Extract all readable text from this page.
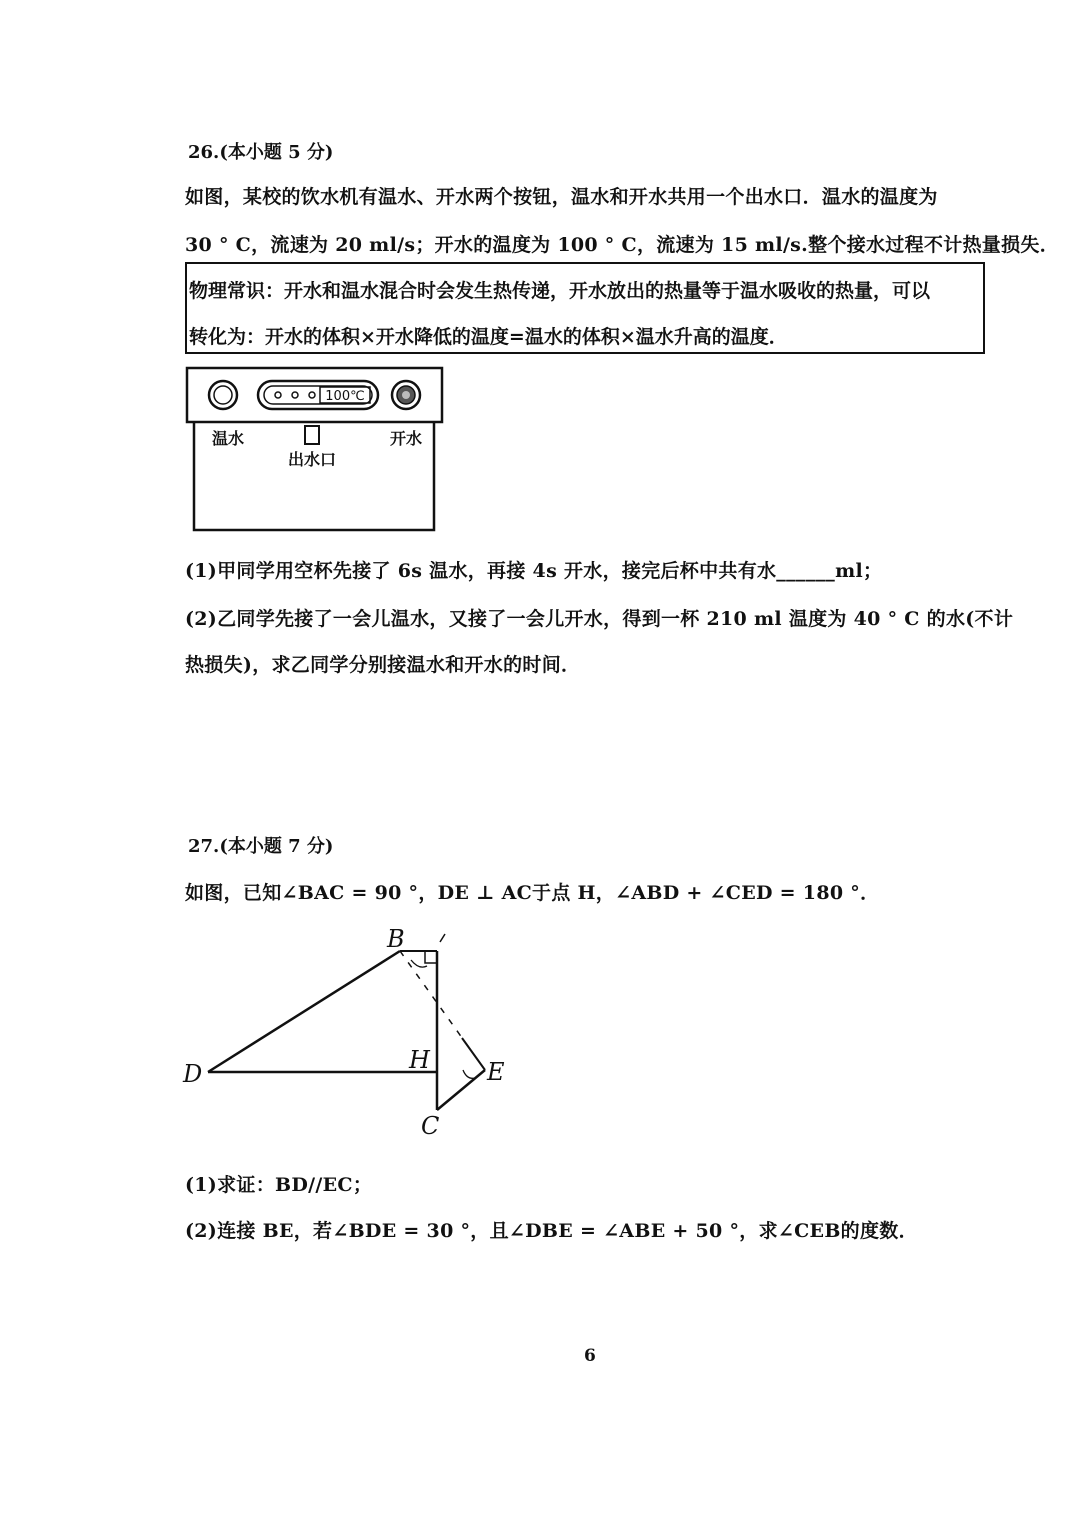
26.(本小题 5 分)
如图，某校的饮水机有温水、开水两个按钮，温水和开水共用一个出水口．温水的温度为
30 ° C，流速为 20 ml/s；开水的温度为 100 ° C，流速为 15 ml/s.整个接水过程不计热量损失．
物理常识：开水和温水混合时会发生热传递，开水放出的热量等于温水吸收的热量，可以
转化为：开水的体积×开水降低的温度=温水的体积×温水升高的温度．
100℃
温水	开水
出水口
(1)甲同学用空杯先接了 6s 温水，再接 4s 开水，接完后杯中共有水______ml；
(2)乙同学先接了一会儿温水，又接了一会儿开水，得到一杯 210 ml 温度为 40 ° C 的水(不计
热损失)，求乙同学分别接温水和开水的时间．
27.(本小题 7 分)
如图，已知∠BAC = 90 °，DE ⊥ AC于点 H，∠ABD + ∠CED = 180 °．
B
D	H E
C
(1)求证：BD//EC；
(2)连接 BE，若∠BDE = 30 °，且∠DBE = ∠ABE + 50 °，求∠CEB的度数．
6
